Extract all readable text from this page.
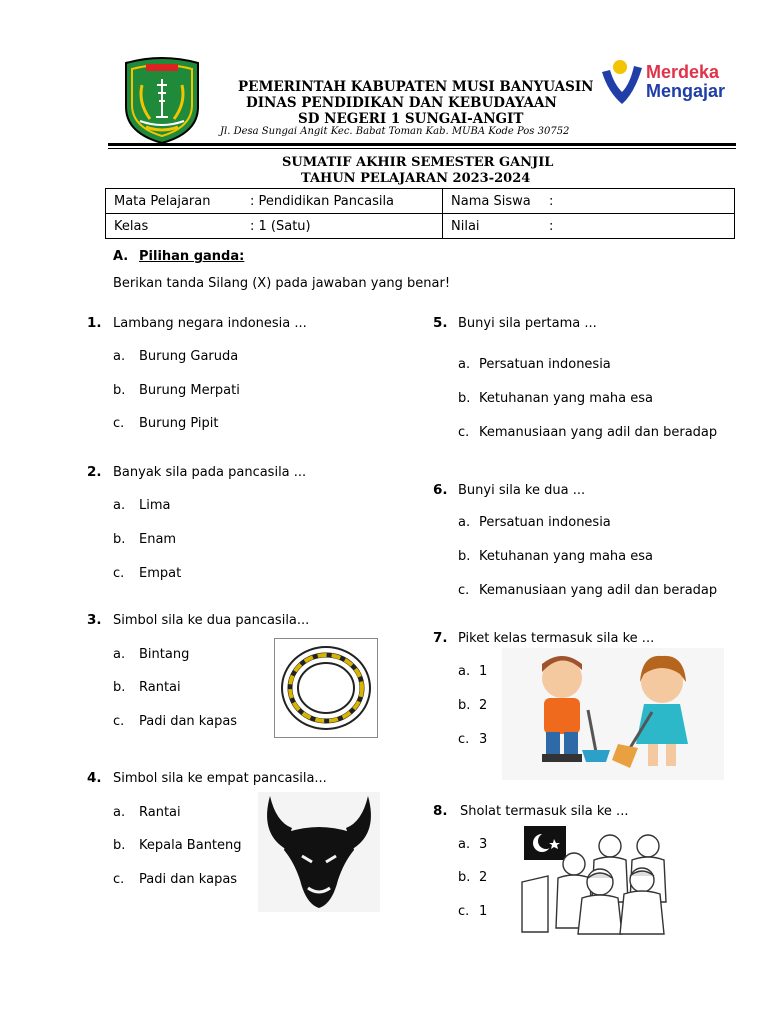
PEMERINTAH KABUPATEN MUSI BANYUASIN
DINAS PENDIDIKAN DAN KEBUDAYAAN
SD NEGERI 1 SUNGAI-ANGIT
Jl. Desa Sungai Angit Kec. Babat Toman Kab. MUBA Kode Pos 30752
Merdeka
Mengajar
SUMATIF AKHIR SEMESTER GANJIL
TAHUN PELAJARAN 2023-2024
Mata Pelajaran	: Pendidikan Pancasila	Nama Siswa	:
Kelas	: 1 (Satu)	Nilai	:
A. Pilihan ganda:
Berikan tanda Silang (X) pada jawaban yang benar!
1. Lambang negara indonesia ...
a. Burung Garuda
b. Burung Merpati
c. Burung Pipit
2. Banyak sila pada pancasila ...
a. Lima
b. Enam
c. Empat
3. Simbol sila ke dua pancasila...
a. Bintang
b. Rantai
c. Padi dan kapas
4. Simbol sila ke empat pancasila...
a. Rantai
b. Kepala Banteng
c. Padi dan kapas
5. Bunyi sila pertama ...
a. Persatuan indonesia
b. Ketuhanan yang maha esa
c. Kemanusiaan yang adil dan beradap
6. Bunyi sila ke dua ...
a. Persatuan indonesia
b. Ketuhanan yang maha esa
c. Kemanusiaan yang adil dan beradap
7. Piket kelas termasuk sila ke ...
a. 1
b. 2
c. 3
8. Sholat termasuk sila ke ...
a. 3
b. 2
c. 1
